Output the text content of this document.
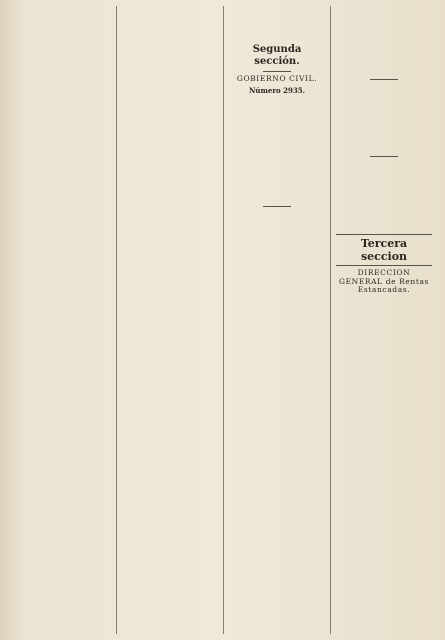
Segunda sección.
GOBIERNO CIVIL.
Número 2935.

Tercera seccion
DIRECCION GENERAL de Rentas Estancadas.
